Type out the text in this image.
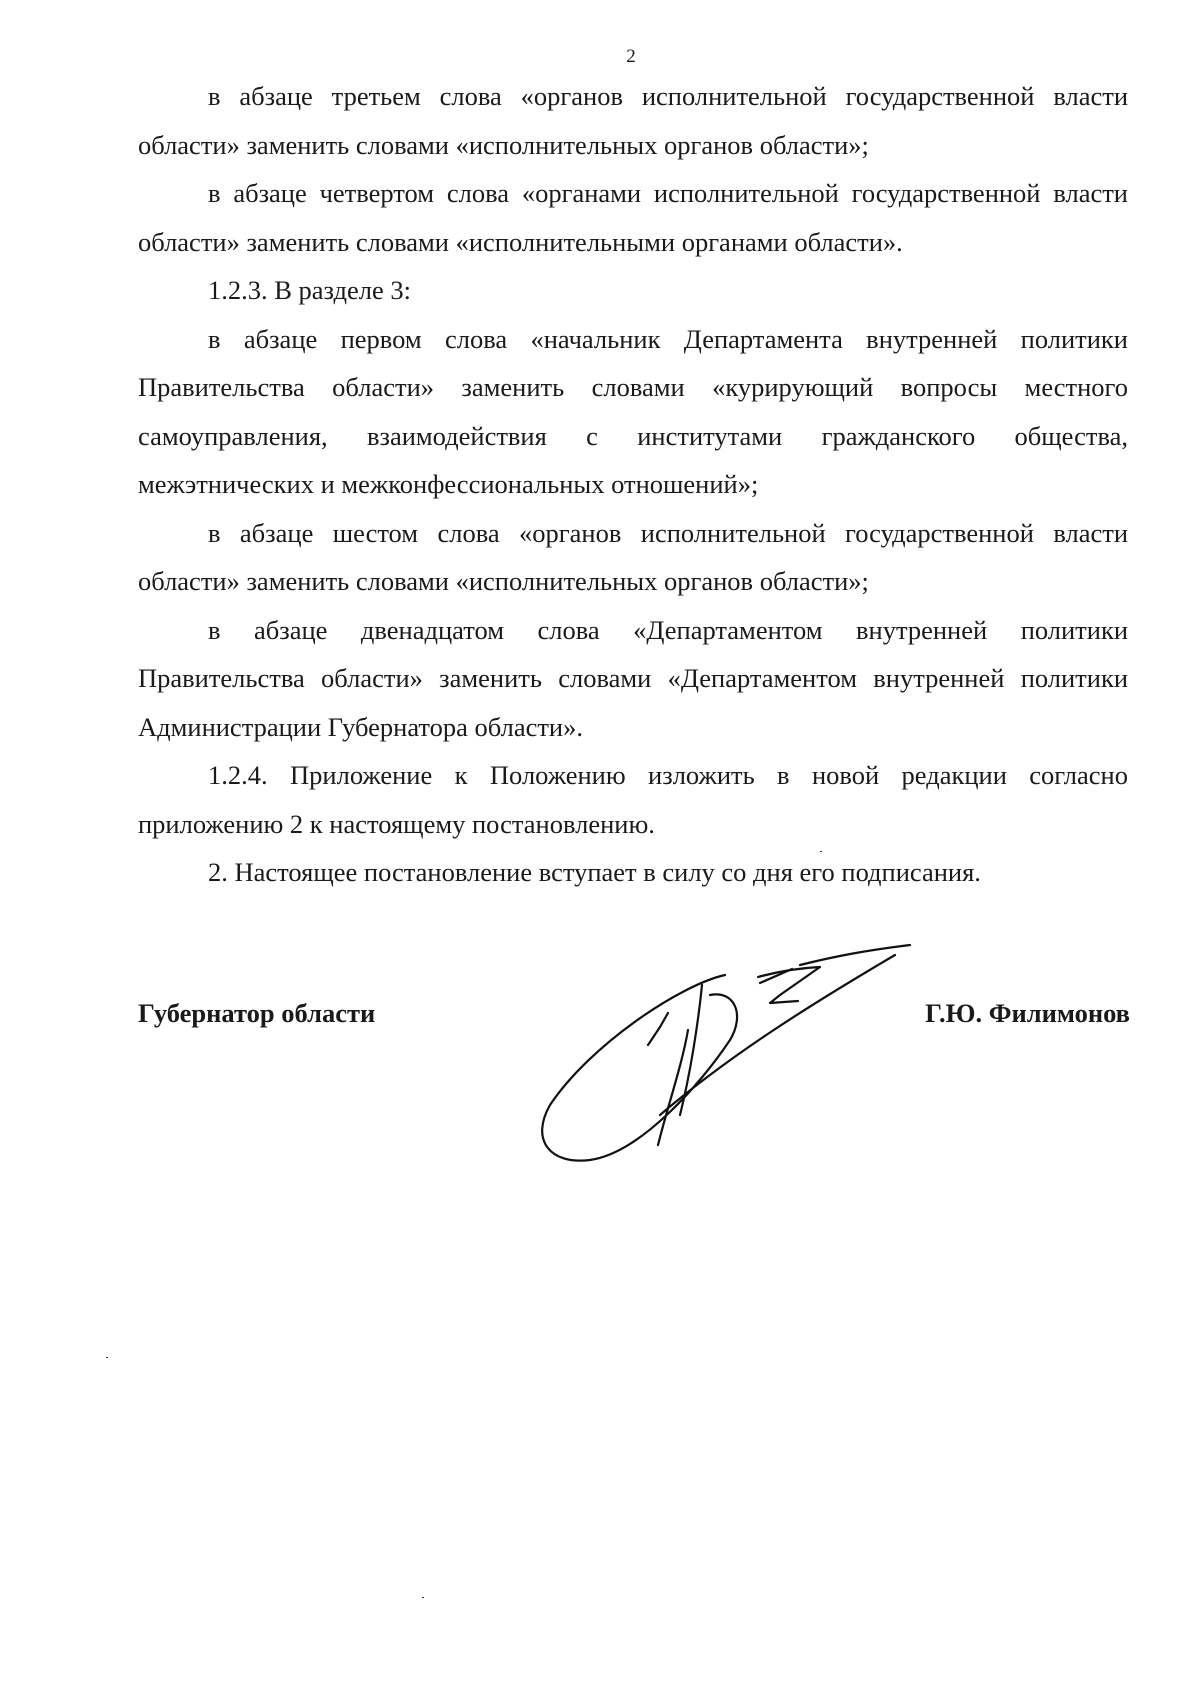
2

в абзаце третьем слова «органов исполнительной государственной власти области» заменить словами «исполнительных органов области»;

в абзаце четвертом слова «органами исполнительной государственной власти области» заменить словами «исполнительными органами области».

1.2.3. В разделе 3:

в абзаце первом слова «начальник Департамента внутренней политики Правительства области» заменить словами «курирующий вопросы местного самоуправления, взаимодействия с институтами гражданского общества, межэтнических и межконфессиональных отношений»;

в абзаце шестом слова «органов исполнительной государственной власти области» заменить словами «исполнительных органов области»;

в абзаце двенадцатом слова «Департаментом внутренней политики Правительства области» заменить словами «Департаментом внутренней политики Администрации Губернатора области».

1.2.4. Приложение к Положению изложить в новой редакции согласно приложению 2 к настоящему постановлению.

2. Настоящее постановление вступает в силу со дня его подписания.

Губернатор области	Г.Ю. Филимонов
